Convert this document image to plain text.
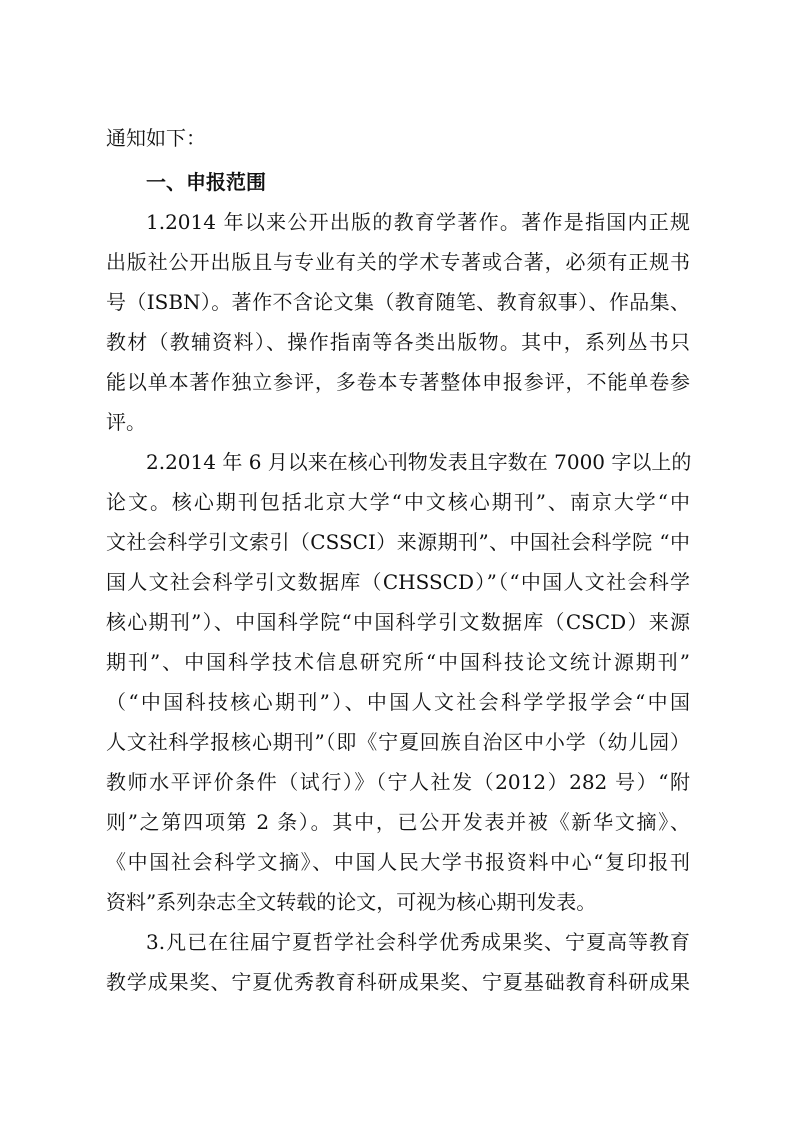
通知如下：
一、申报范围
1.2014 年以来公开出版的教育学著作。著作是指国内正规
出版社公开出版且与专业有关的学术专著或合著，必须有正规书
号（ISBN）。著作不含论文集（教育随笔、教育叙事）、作品集、
教材（教辅资料）、操作指南等各类出版物。其中，系列丛书只
能以单本著作独立参评，多卷本专著整体申报参评，不能单卷参
评。
2.2014 年 6 月以来在核心刊物发表且字数在 7000 字以上的
论文。核心期刊包括北京大学“中文核心期刊”、南京大学“中
文社会科学引文索引（CSSCI）来源期刊”、中国社会科学院 “中
国人文社会科学引文数据库（CHSSCD）”（“中国人文社会科学
核心期刊”）、中国科学院“中国科学引文数据库（CSCD）来源
期刊”、中国科学技术信息研究所“中国科技论文统计源期刊”
（“中国科技核心期刊”）、中国人文社会科学学报学会“中国
人文社科学报核心期刊”（即《宁夏回族自治区中小学（幼儿园）
教师水平评价条件（试行）》（宁人社发（2012）282 号）“附
则”之第四项第 2 条）。其中，已公开发表并被《新华文摘》、
《中国社会科学文摘》、中国人民大学书报资料中心“复印报刊
资料”系列杂志全文转载的论文，可视为核心期刊发表。
3.凡已在往届宁夏哲学社会科学优秀成果奖、宁夏高等教育
教学成果奖、宁夏优秀教育科研成果奖、宁夏基础教育科研成果
